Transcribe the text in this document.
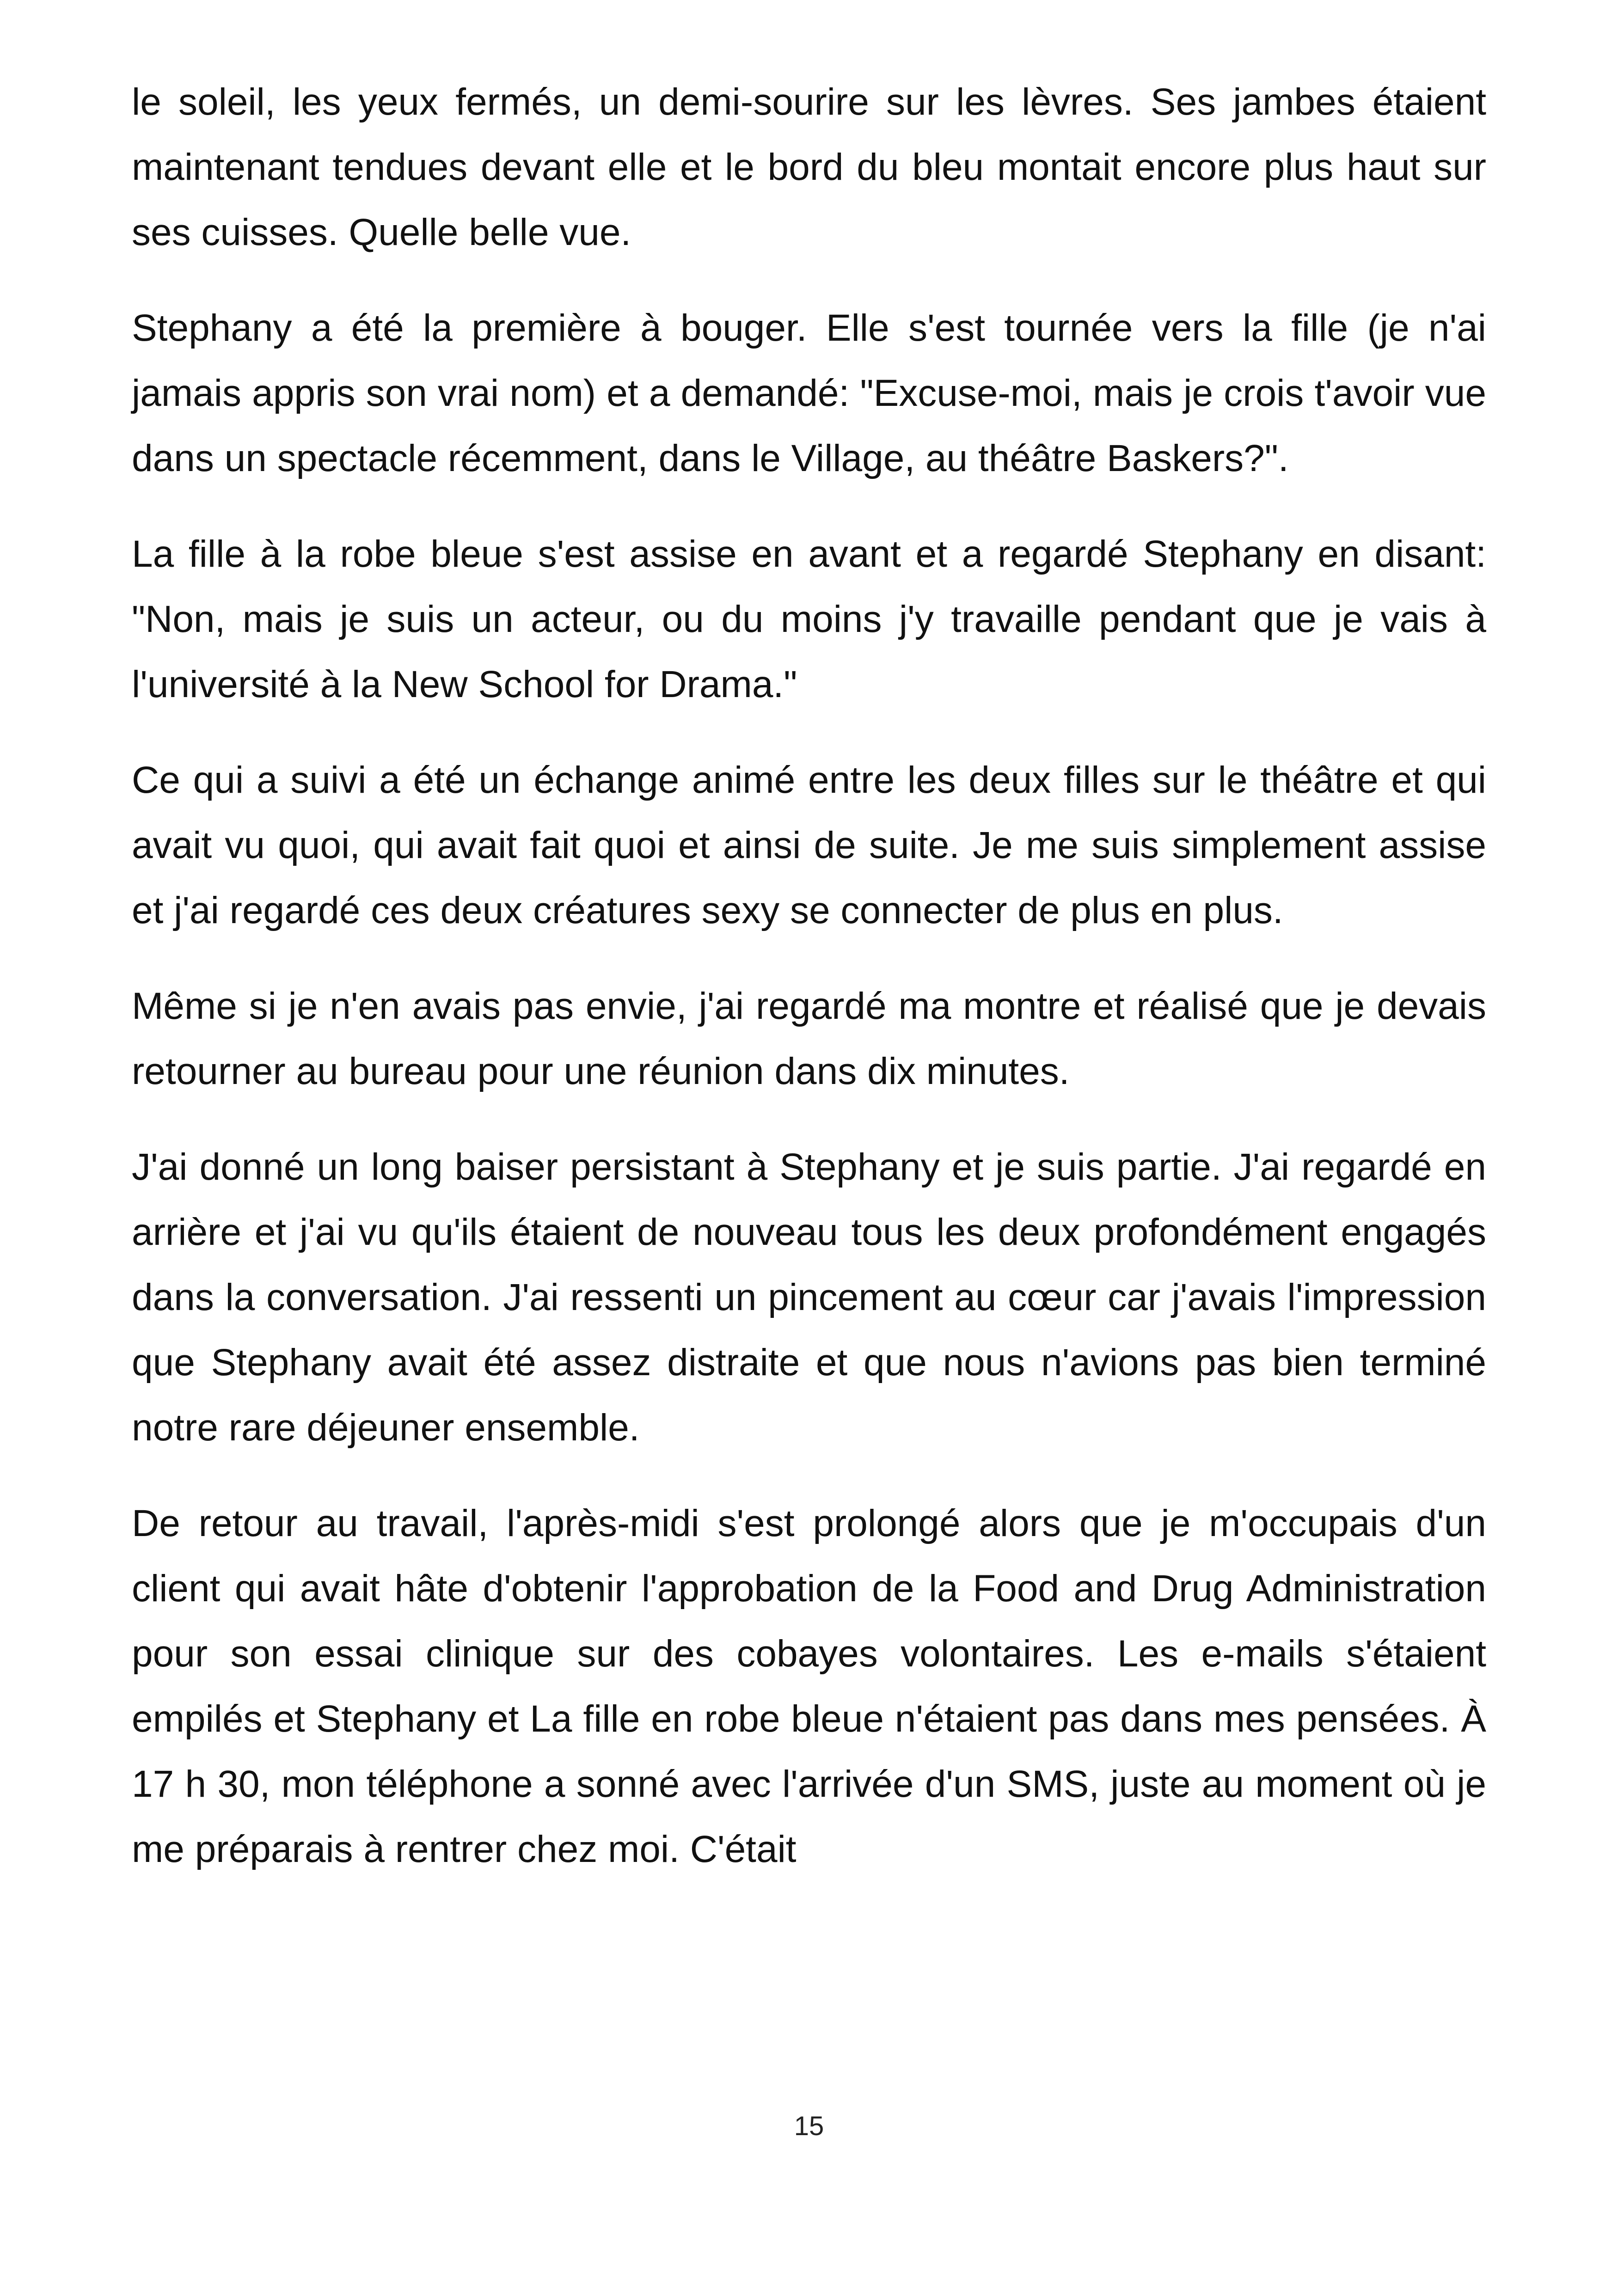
le soleil, les yeux fermés, un demi-sourire sur les lèvres. Ses jambes étaient maintenant tendues devant elle et le bord du bleu montait encore plus haut sur ses cuisses. Quelle belle vue.

Stephany a été la première à bouger. Elle s'est tournée vers la fille (je n'ai jamais appris son vrai nom) et a demandé: "Excuse-moi, mais je crois t'avoir vue dans un spectacle récemment, dans le Village, au théâtre Baskers?".

La fille à la robe bleue s'est assise en avant et a regardé Stephany en disant: "Non, mais je suis un acteur, ou du moins j'y travaille pendant que je vais à l'université à la New School for Drama."

Ce qui a suivi a été un échange animé entre les deux filles sur le théâtre et qui avait vu quoi, qui avait fait quoi et ainsi de suite. Je me suis simplement assise et j'ai regardé ces deux créatures sexy se connecter de plus en plus.

Même si je n'en avais pas envie, j'ai regardé ma montre et réalisé que je devais retourner au bureau pour une réunion dans dix minutes.

J'ai donné un long baiser persistant à Stephany et je suis partie. J'ai regardé en arrière et j'ai vu qu'ils étaient de nouveau tous les deux profondément engagés dans la conversation. J'ai ressenti un pincement au cœur car j'avais l'impression que Stephany avait été assez distraite et que nous n'avions pas bien terminé notre rare déjeuner ensemble.

De retour au travail, l'après-midi s'est prolongé alors que je m'occupais d'un client qui avait hâte d'obtenir l'approbation de la Food and Drug Administration pour son essai clinique sur des cobayes volontaires. Les e-mails s'étaient empilés et Stephany et La fille en robe bleue n'étaient pas dans mes pensées. À 17 h 30, mon téléphone a sonné avec l'arrivée d'un SMS, juste au moment où je me préparais à rentrer chez moi. C'était

15
